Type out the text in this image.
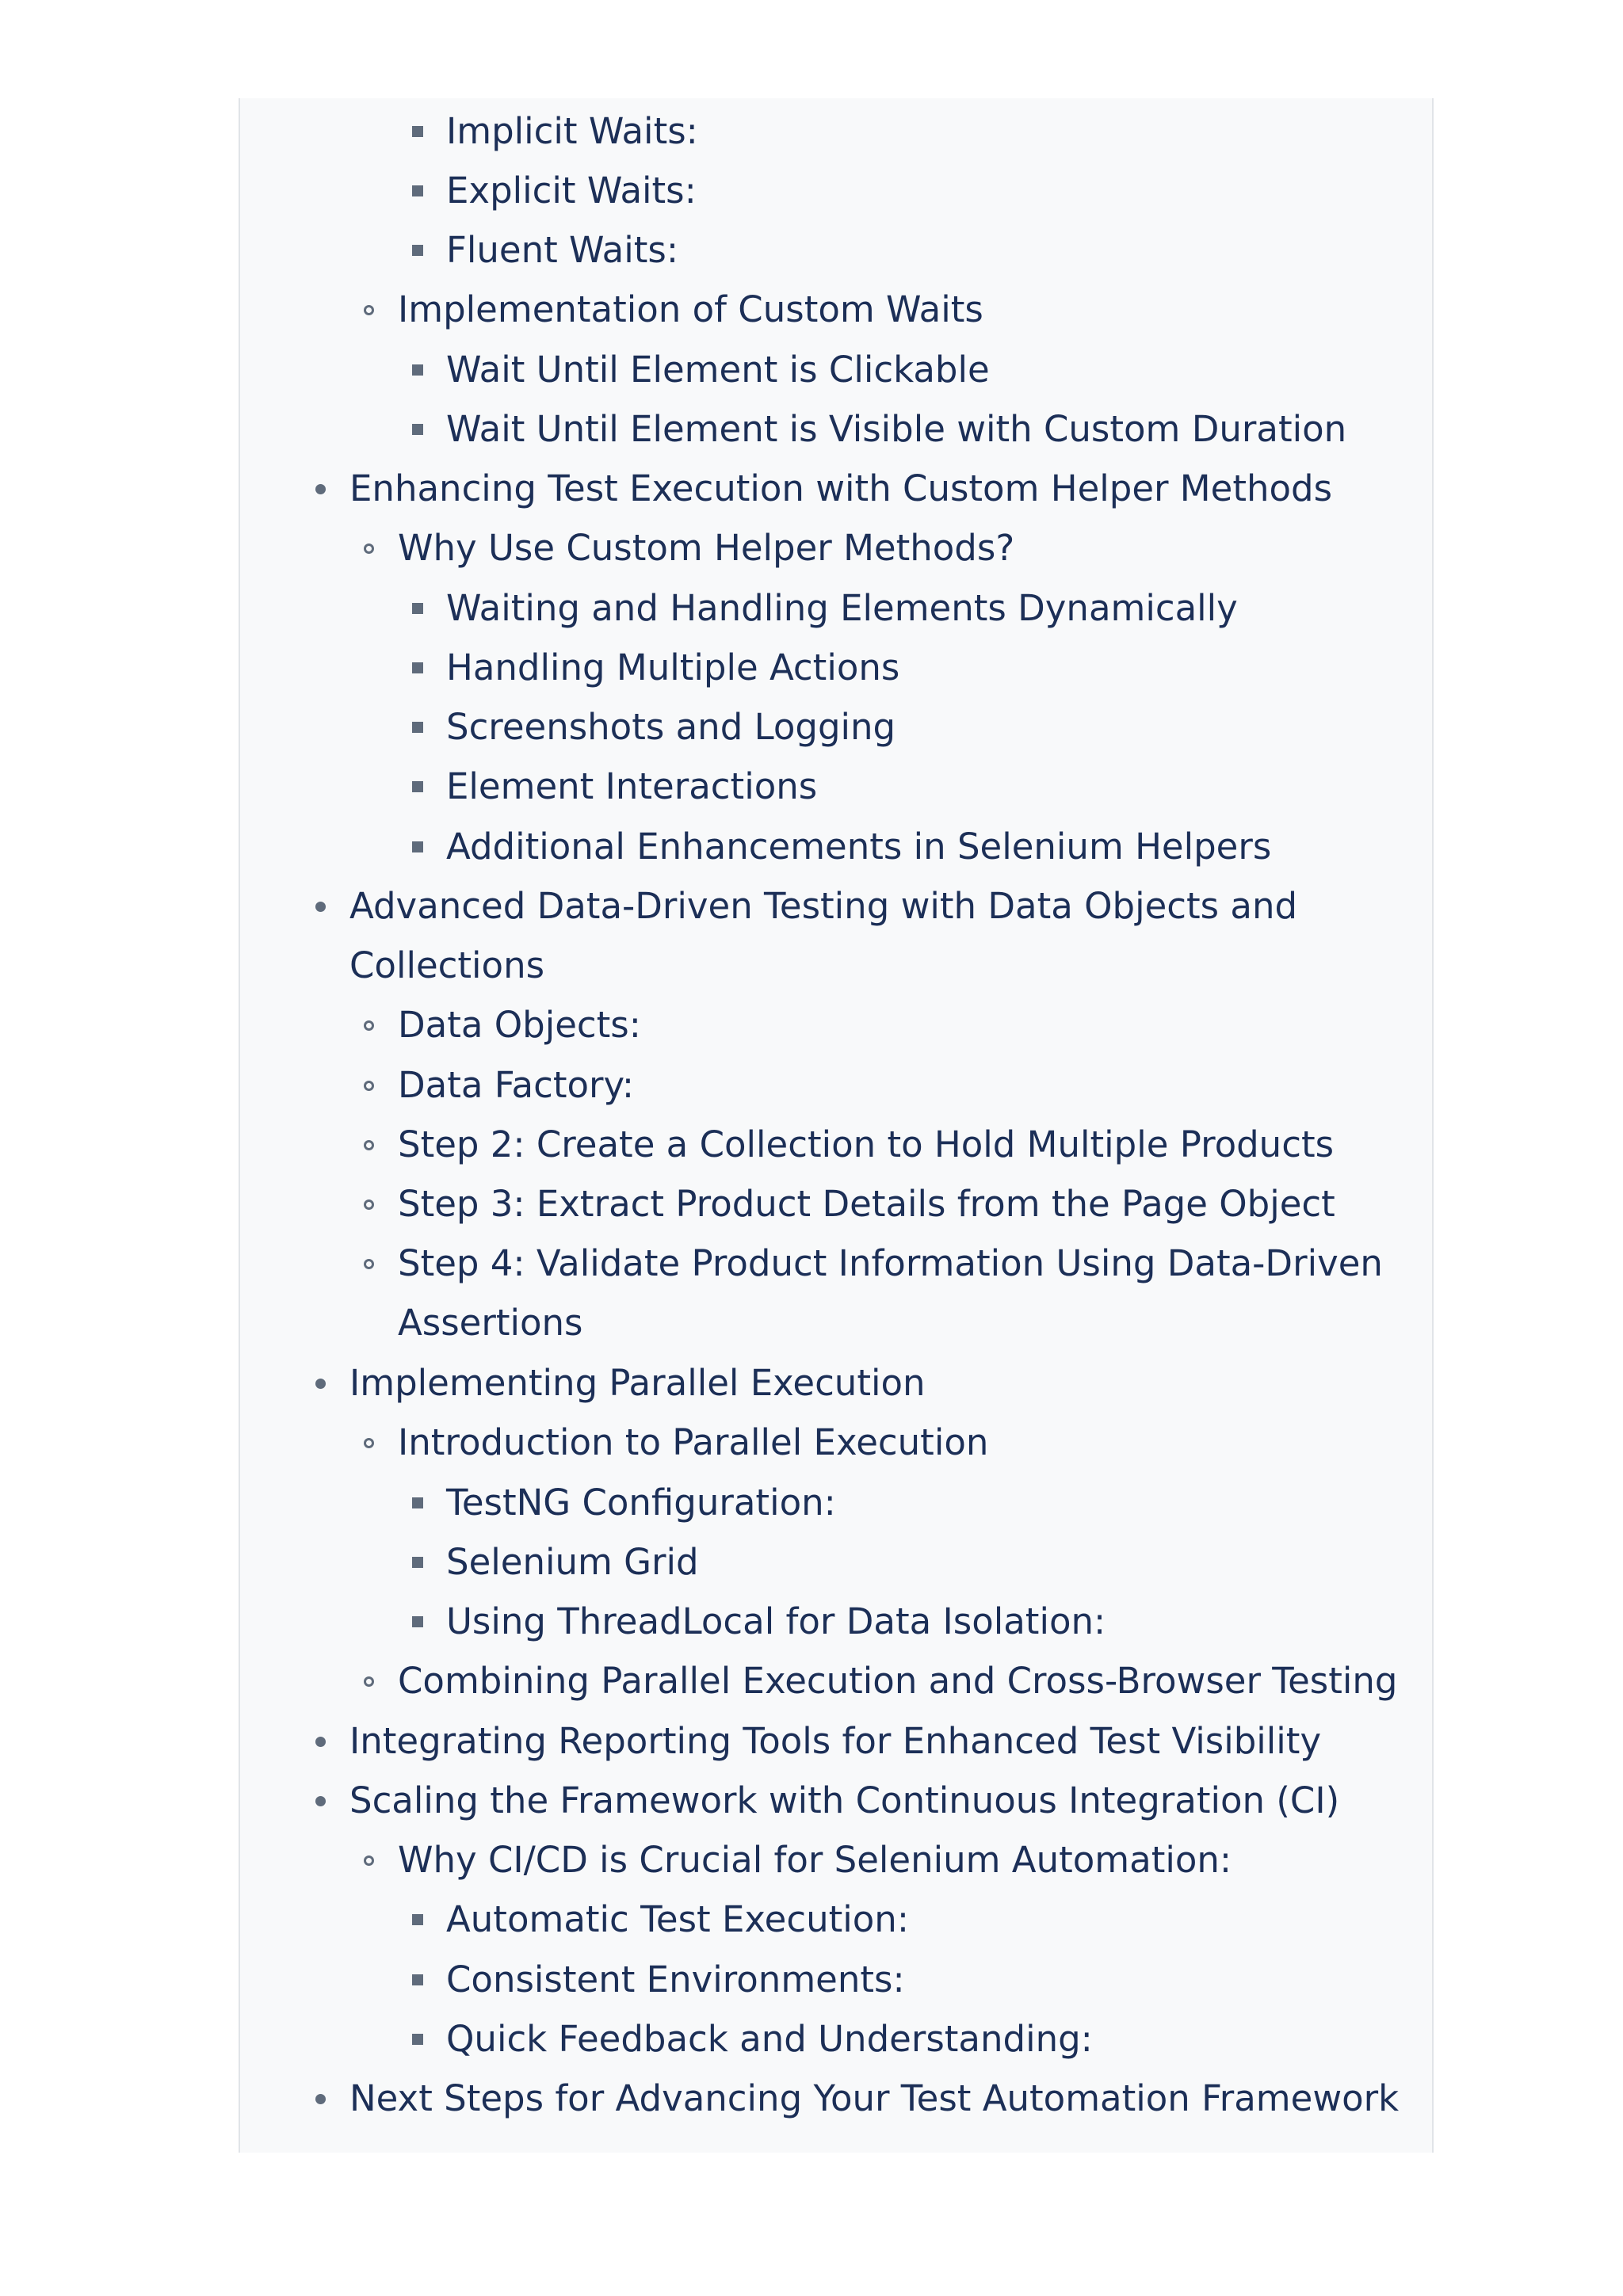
Implicit Waits:
Explicit Waits:
Fluent Waits:
Implementation of Custom Waits
Wait Until Element is Clickable
Wait Until Element is Visible with Custom Duration
Enhancing Test Execution with Custom Helper Methods
Why Use Custom Helper Methods?
Waiting and Handling Elements Dynamically
Handling Multiple Actions
Screenshots and Logging
Element Interactions
Additional Enhancements in Selenium Helpers
Advanced Data-Driven Testing with Data Objects and
Collections
Data Objects:
Data Factory:
Step 2: Create a Collection to Hold Multiple Products
Step 3: Extract Product Details from the Page Object
Step 4: Validate Product Information Using Data-Driven
Assertions
Implementing Parallel Execution
Introduction to Parallel Execution
TestNG Configuration:
Selenium Grid
Using ThreadLocal for Data Isolation:
Combining Parallel Execution and Cross-Browser Testing
Integrating Reporting Tools for Enhanced Test Visibility
Scaling the Framework with Continuous Integration (CI)
Why CI/CD is Crucial for Selenium Automation:
Automatic Test Execution:
Consistent Environments:
Quick Feedback and Understanding:
Next Steps for Advancing Your Test Automation Framework
